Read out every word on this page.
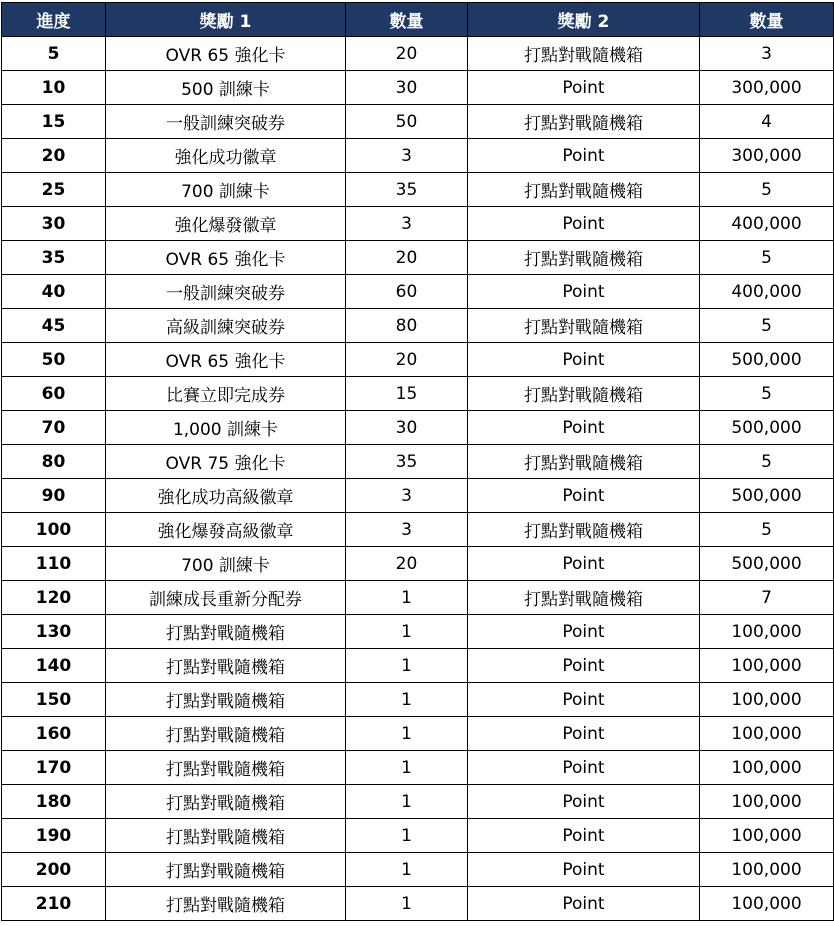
進度	獎勵 1	數量	獎勵 2	數量
5	OVR 65 強化卡	20	打點對戰隨機箱	3
10	500 訓練卡	30	Point	300,000
15	一般訓練突破券	50	打點對戰隨機箱	4
20	強化成功徽章	3	Point	300,000
25	700 訓練卡	35	打點對戰隨機箱	5
30	強化爆發徽章	3	Point	400,000
35	OVR 65 強化卡	20	打點對戰隨機箱	5
40	一般訓練突破券	60	Point	400,000
45	高級訓練突破券	80	打點對戰隨機箱	5
50	OVR 65 強化卡	20	Point	500,000
60	比賽立即完成券	15	打點對戰隨機箱	5
70	1,000 訓練卡	30	Point	500,000
80	OVR 75 強化卡	35	打點對戰隨機箱	5
90	強化成功高級徽章	3	Point	500,000
100	強化爆發高級徽章	3	打點對戰隨機箱	5
110	700 訓練卡	20	Point	500,000
120	訓練成長重新分配券	1	打點對戰隨機箱	7
130	打點對戰隨機箱	1	Point	100,000
140	打點對戰隨機箱	1	Point	100,000
150	打點對戰隨機箱	1	Point	100,000
160	打點對戰隨機箱	1	Point	100,000
170	打點對戰隨機箱	1	Point	100,000
180	打點對戰隨機箱	1	Point	100,000
190	打點對戰隨機箱	1	Point	100,000
200	打點對戰隨機箱	1	Point	100,000
210	打點對戰隨機箱	1	Point	100,000
